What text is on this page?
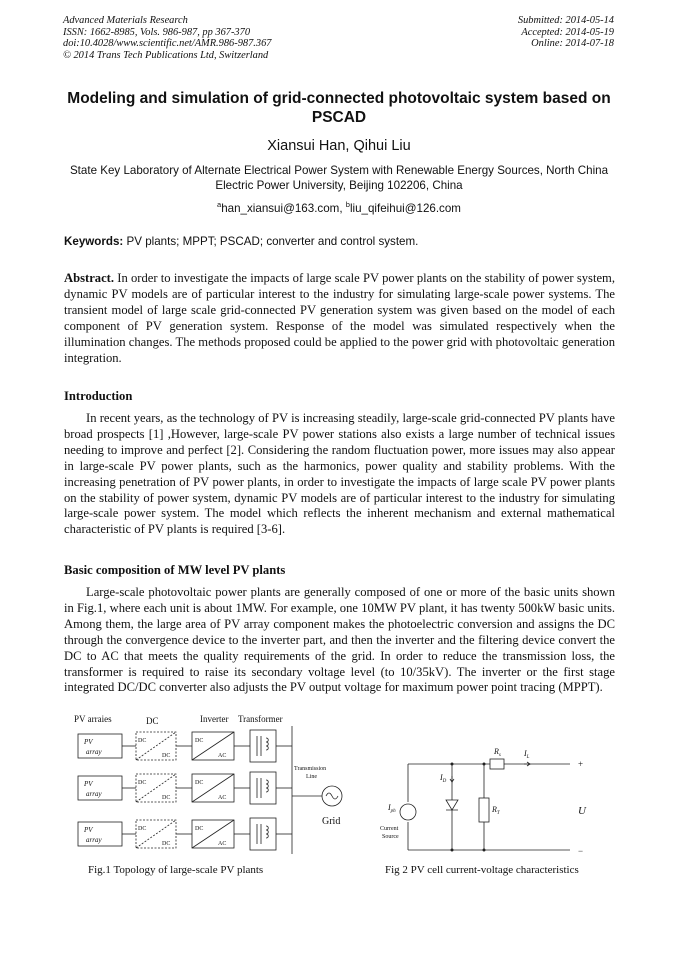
Advanced Materials Research
ISSN: 1662-8985, Vols. 986-987, pp 367-370
doi:10.4028/www.scientific.net/AMR.986-987.367
© 2014 Trans Tech Publications Ltd, Switzerland
Submitted: 2014-05-14
Accepted: 2014-05-19
Online: 2014-07-18
Modeling and simulation of grid-connected photovoltaic system based on PSCAD
Xiansui Han, Qihui Liu
State Key Laboratory of Alternate Electrical Power System with Renewable Energy Sources, North China Electric Power University, Beijing 102206, China
$^a$han_xiansui@163.com, $^b$liu_qifeihui@126.com
Keywords: PV plants; MPPT; PSCAD; converter and control system.
Abstract. In order to investigate the impacts of large scale PV power plants on the stability of power system, dynamic PV models are of particular interest to the industry for simulating large-scale power systems. The transient model of large scale grid-connected PV generation system was given based on the model of each component of PV generation system. Response of the model was simulated respectively when the illumination changes. The methods proposed could be applied to the power grid with photovoltaic generation integration.
Introduction
In recent years, as the technology of PV is increasing steadily, large-scale grid-connected PV plants have broad prospects [1] ,However, large-scale PV power stations also exists a large number of technical issues needing to improve and perfect [2]. Considering the random fluctuation power, more issues may also appear in large-scale PV power plants, such as the harmonics, power quality and stability problems. With the increasing penetration of PV power plants, in order to investigate the impacts of large scale PV power plants on the stability of power system, dynamic PV models are of particular interest to the industry for simulating large-scale power system. The model which reflects the inherent mechanism and external mathematical characteristic of PV plants is required [3-6].
Basic composition of MW level PV plants
Large-scale photovoltaic power plants are generally composed of one or more of the basic units shown in Fig.1, where each unit is about 1MW. For example, one 10MW PV plant, it has twenty 500kW basic units. Among them, the large area of PV array component makes the photoelectric conversion and assigns the DC through the convergence device to the inverter part, and then the inverter and the filtering device convert the DC to AC that meets the quality requirements of the grid. In order to reduce the transmission loss, the transformer is required to raise its secondary voltage level (to 10/35kV). The inverter or the first stage integrated DC/DC converter also adjusts the PV output voltage for maximum power point tracing (MPPT).
PV arraies	DC	Inverter Transformer
PV
array
PV
array
PV
array
DC
DC
DC
AC
DC
DC
DC
AC
DC
DC
DC
AC
Transmission
Line
Grid
$R_s$	$I_L$
$I_D$
$I_{ph}$	$R_T$
+
−
U
Current
Source
Fig.1 Topology of large-scale PV plants	Fig 2 PV cell current-voltage characteristics
